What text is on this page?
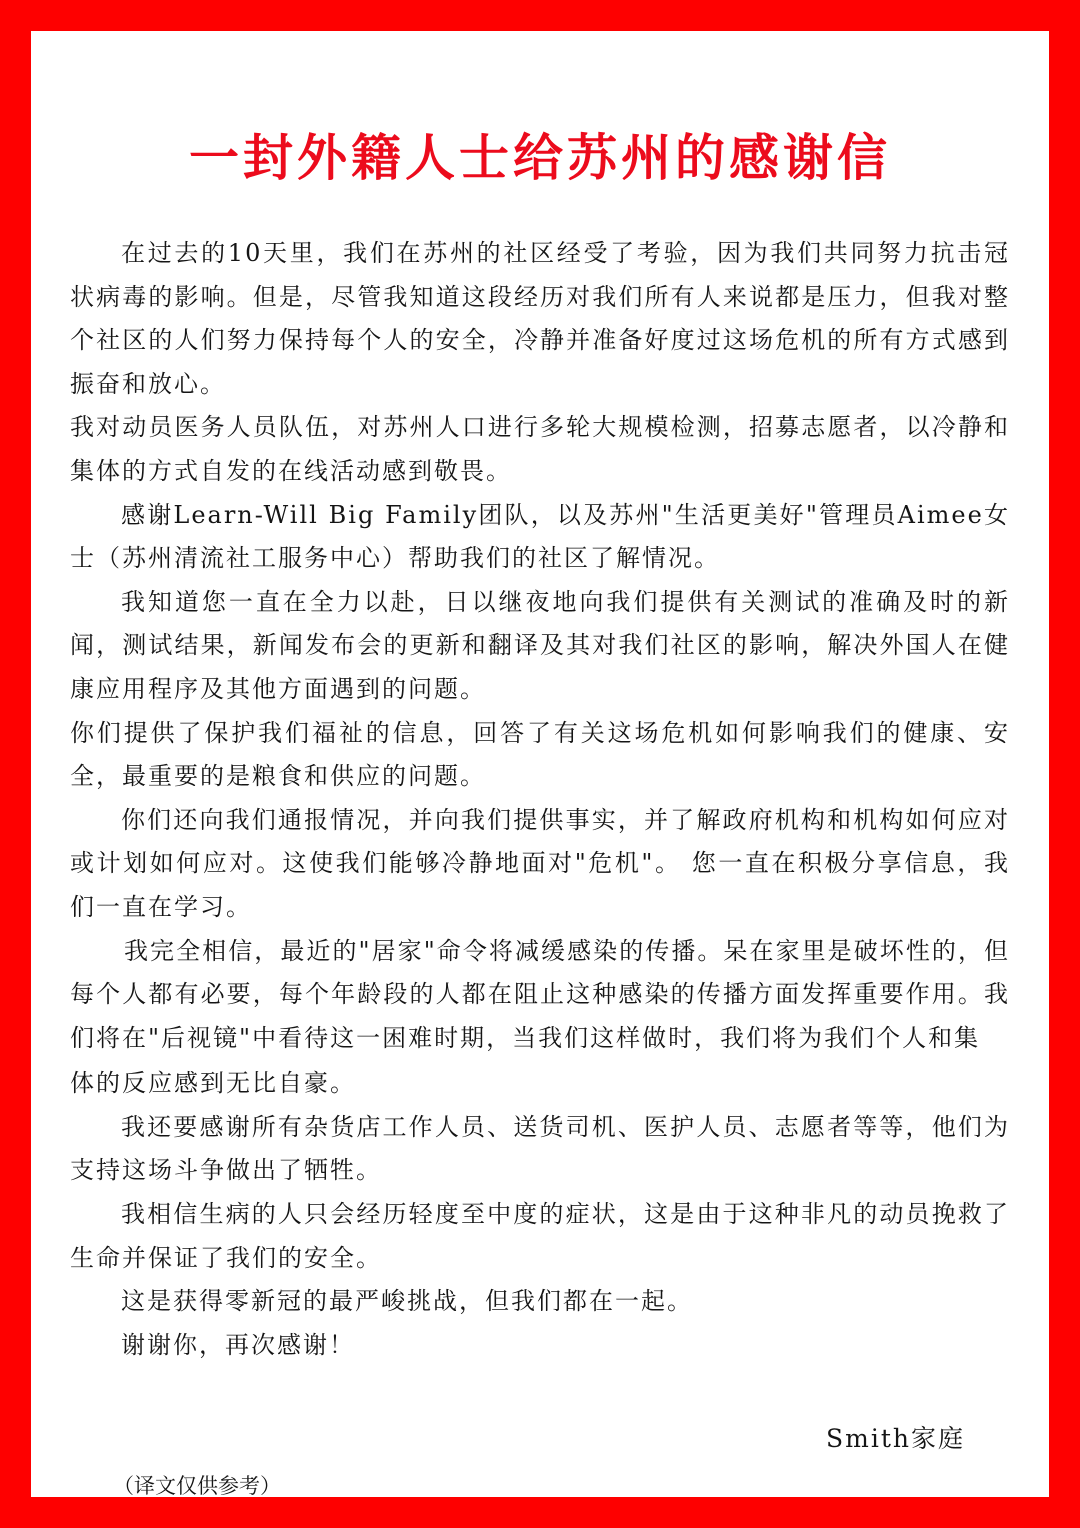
一封外籍人士给苏州的感谢信

在过去的10天里，我们在苏州的社区经受了考验，因为我们共同努力抗击冠状病毒的影响。但是，尽管我知道这段经历对我们所有人来说都是压力，但我对整个社区的人们努力保持每个人的安全，冷静并准备好度过这场危机的所有方式感到振奋和放心。

我对动员医务人员队伍，对苏州人口进行多轮大规模检测，招募志愿者，以冷静和集体的方式自发的在线活动感到敬畏。

感谢Learn-Will Big Family团队，以及苏州"生活更美好"管理员Aimee女士（苏州清流社工服务中心）帮助我们的社区了解情况。

我知道您一直在全力以赴，日以继夜地向我们提供有关测试的准确及时的新闻，测试结果，新闻发布会的更新和翻译及其对我们社区的影响，解决外国人在健康应用程序及其他方面遇到的问题。

你们提供了保护我们福祉的信息，回答了有关这场危机如何影响我们的健康、安全，最重要的是粮食和供应的问题。

你们还向我们通报情况，并向我们提供事实，并了解政府机构和机构如何应对或计划如何应对。这使我们能够冷静地面对"危机"。 您一直在积极分享信息，我们一直在学习。

我完全相信，最近的"居家"命令将减缓感染的传播。呆在家里是破坏性的，但每个人都有必要，每个年龄段的人都在阻止这种感染的传播方面发挥重要作用。我们将在"后视镜"中看待这一困难时期，当我们这样做时，我们将为我们个人和集

体的反应感到无比自豪。

我还要感谢所有杂货店工作人员、送货司机、医护人员、志愿者等等，他们为支持这场斗争做出了牺牲。

我相信生病的人只会经历轻度至中度的症状，这是由于这种非凡的动员挽救了生命并保证了我们的安全。

这是获得零新冠的最严峻挑战，但我们都在一起。

谢谢你，再次感谢！

Smith家庭
（译文仅供参考）
